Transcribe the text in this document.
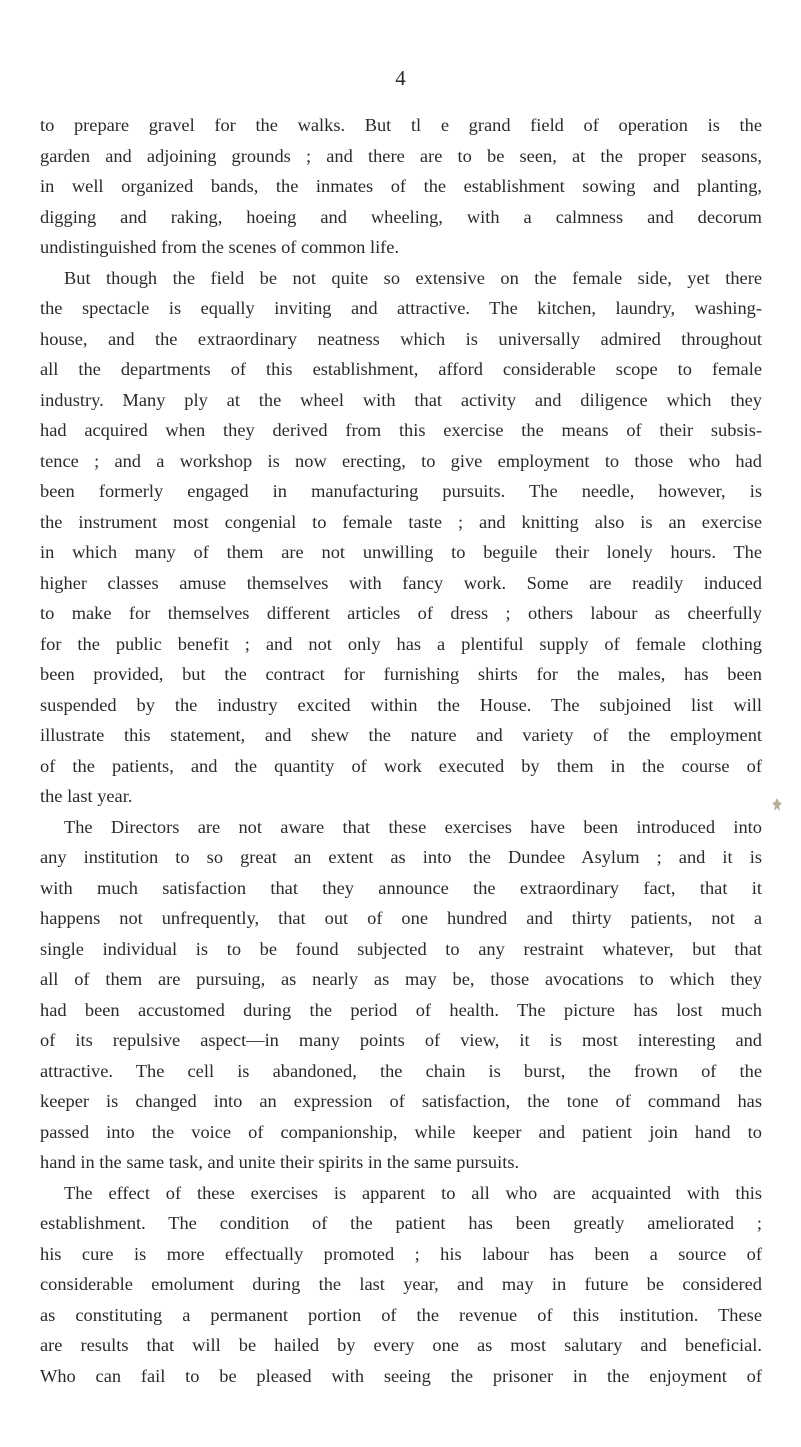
4
to prepare gravel for the walks. But tl e grand field of operation is the
garden and adjoining grounds ; and there are to be seen, at the proper seasons,
in well organized bands, the inmates of the establishment sowing and planting,
digging and raking, hoeing and wheeling, with a calmness and decorum
undistinguished from the scenes of common life.
But though the field be not quite so extensive on the female side, yet there
the spectacle is equally inviting and attractive. The kitchen, laundry, washing-
house, and the extraordinary neatness which is universally admired throughout
all the departments of this establishment, afford considerable scope to female
industry. Many ply at the wheel with that activity and diligence which they
had acquired when they derived from this exercise the means of their subsis-
tence ; and a workshop is now erecting, to give employment to those who had
been formerly engaged in manufacturing pursuits. The needle, however, is
the instrument most congenial to female taste ; and knitting also is an exercise
in which many of them are not unwilling to beguile their lonely hours. The
higher classes amuse themselves with fancy work. Some are readily induced
to make for themselves different articles of dress ; others labour as cheerfully
for the public benefit ; and not only has a plentiful supply of female clothing
been provided, but the contract for furnishing shirts for the males, has been
suspended by the industry excited within the House. The subjoined list will
illustrate this statement, and shew the nature and variety of the employment
of the patients, and the quantity of work executed by them in the course of
the last year.
The Directors are not aware that these exercises have been introduced into
any institution to so great an extent as into the Dundee Asylum ; and it is
with much satisfaction that they announce the extraordinary fact, that it
happens not unfrequently, that out of one hundred and thirty patients, not a
single individual is to be found subjected to any restraint whatever, but that
all of them are pursuing, as nearly as may be, those avocations to which they
had been accustomed during the period of health. The picture has lost much
of its repulsive aspect—in many points of view, it is most interesting and
attractive. The cell is abandoned, the chain is burst, the frown of the
keeper is changed into an expression of satisfaction, the tone of command has
passed into the voice of companionship, while keeper and patient join hand to
hand in the same task, and unite their spirits in the same pursuits.
The effect of these exercises is apparent to all who are acquainted with this
establishment. The condition of the patient has been greatly ameliorated ;
his cure is more effectually promoted ; his labour has been a source of
considerable emolument during the last year, and may in future be considered
as constituting a permanent portion of the revenue of this institution. These
are results that will be hailed by every one as most salutary and beneficial.
Who can fail to be pleased with seeing the prisoner in the enjoyment of
